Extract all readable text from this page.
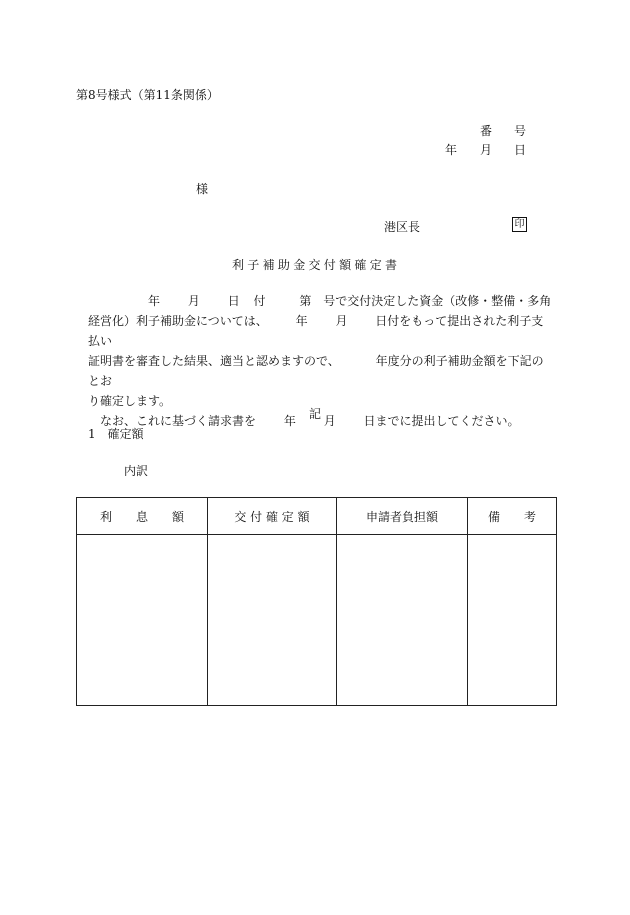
第8号様式（第11条関係）
番 号
年 月 日
様
港区長	印
利子補助金交付額確定書
年 月 日 付	第 号で交付決定した資金（改修・整備・多角
経営化）利子補助金については、 年 月 日付をもって提出された利子支払い
証明書を審査した結果、適当と認めますので、	年度分の利子補助金額を下記のとお
り確定します。
なお、これに基づく請求書を 年 月 日までに提出してください。
記
1　確定額
内訳
利　　息　　額	交 付 確 定 額	申請者負担額	備　　考
